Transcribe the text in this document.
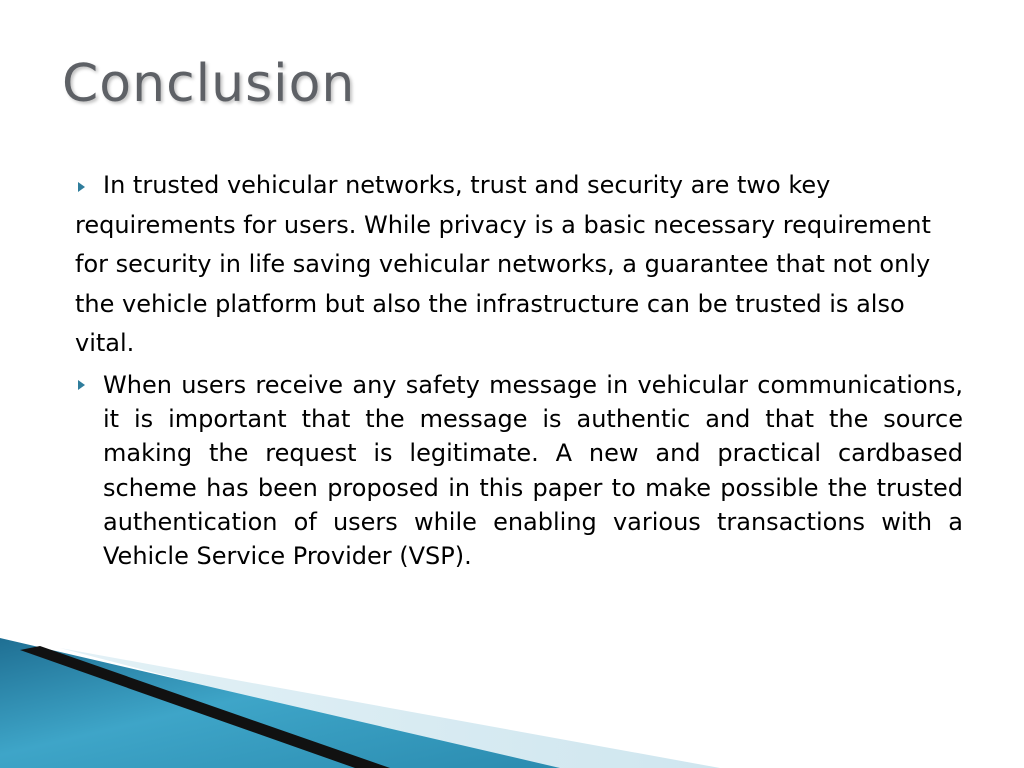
Conclusion
In trusted vehicular networks, trust and security are two key requirements for users. While privacy is a basic necessary requirement for security in life saving vehicular networks, a guarantee that not only the vehicle platform but also the infrastructure can be trusted is also vital.
When users receive any safety message in vehicular communications, it is important that the message is authentic and that the source making the request is legitimate. A new and practical cardbased scheme has been proposed in this paper to make possible the trusted authentication of users while enabling various transactions with a Vehicle Service Provider (VSP).
